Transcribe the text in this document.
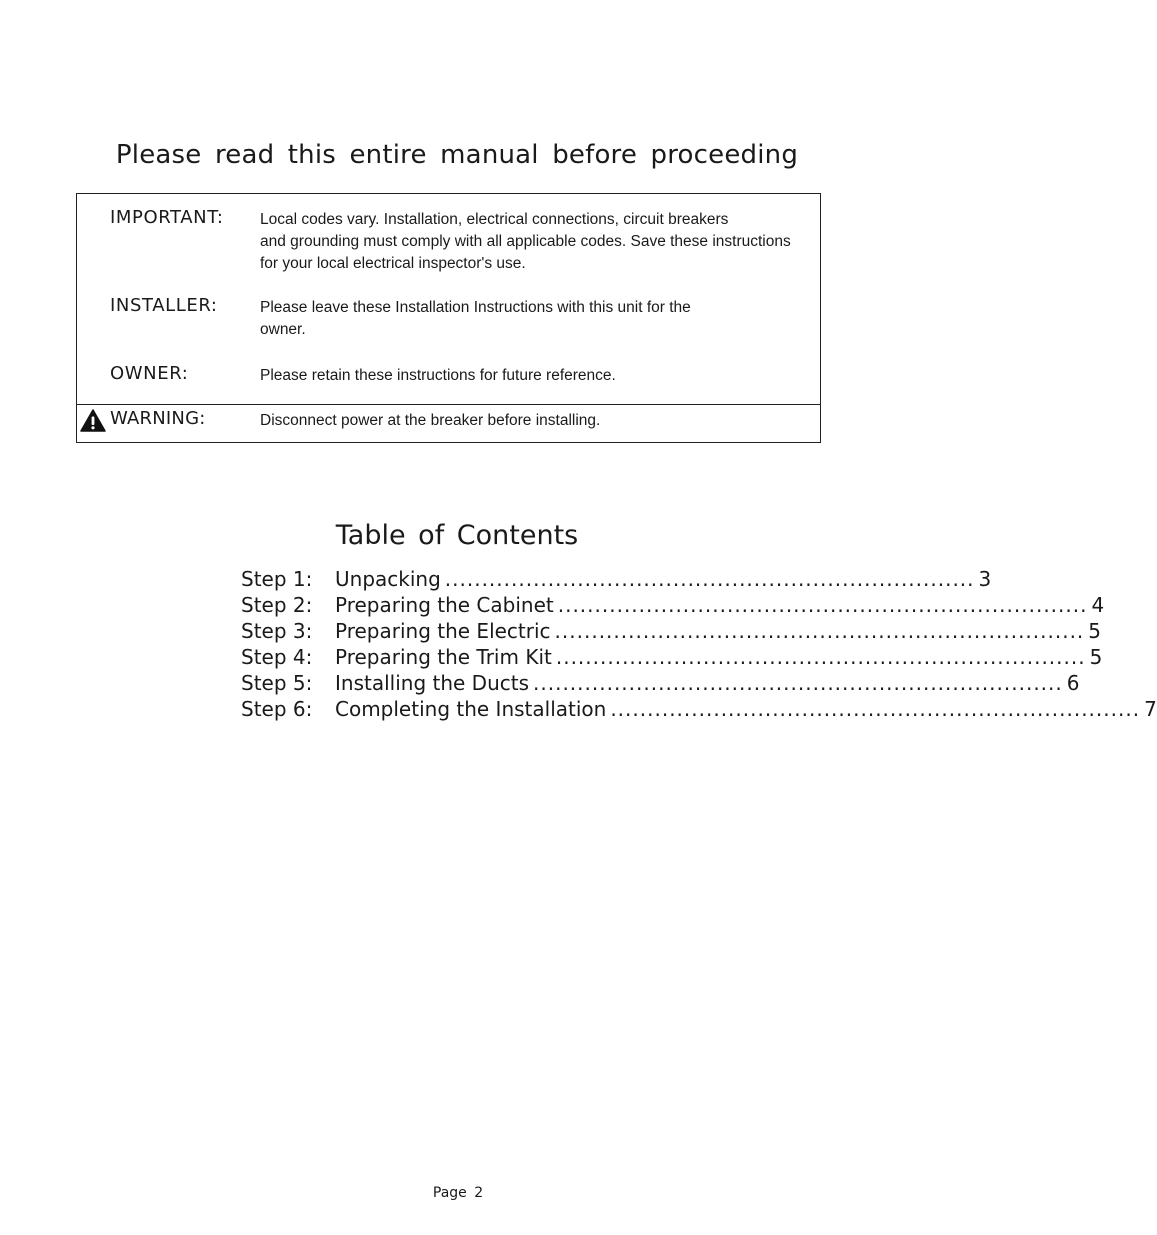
Please read this entire manual before proceeding
IMPORTANT: Local codes vary. Installation, electrical connections, circuit breakers
and grounding must comply with all applicable codes. Save these instructions
for your local electrical inspector's use.
INSTALLER:	Please leave these Installation Instructions with this unit for the
owner.
OWNER:	Please retain these instructions for future reference.
WARNING:	Disconnect power at the breaker before installing.
Table of Contents
Step 1: Unpacking ........................................................................ 3
Step 2: Preparing the Cabinet ........................................................................ 4
Step 3: Preparing the Electric ........................................................................ 5
Step 4: Preparing the Trim Kit ........................................................................ 5
Step 5: Installing the Ducts ........................................................................ 6
Step 6: Completing the Installation ........................................................................ 7
Page 2
